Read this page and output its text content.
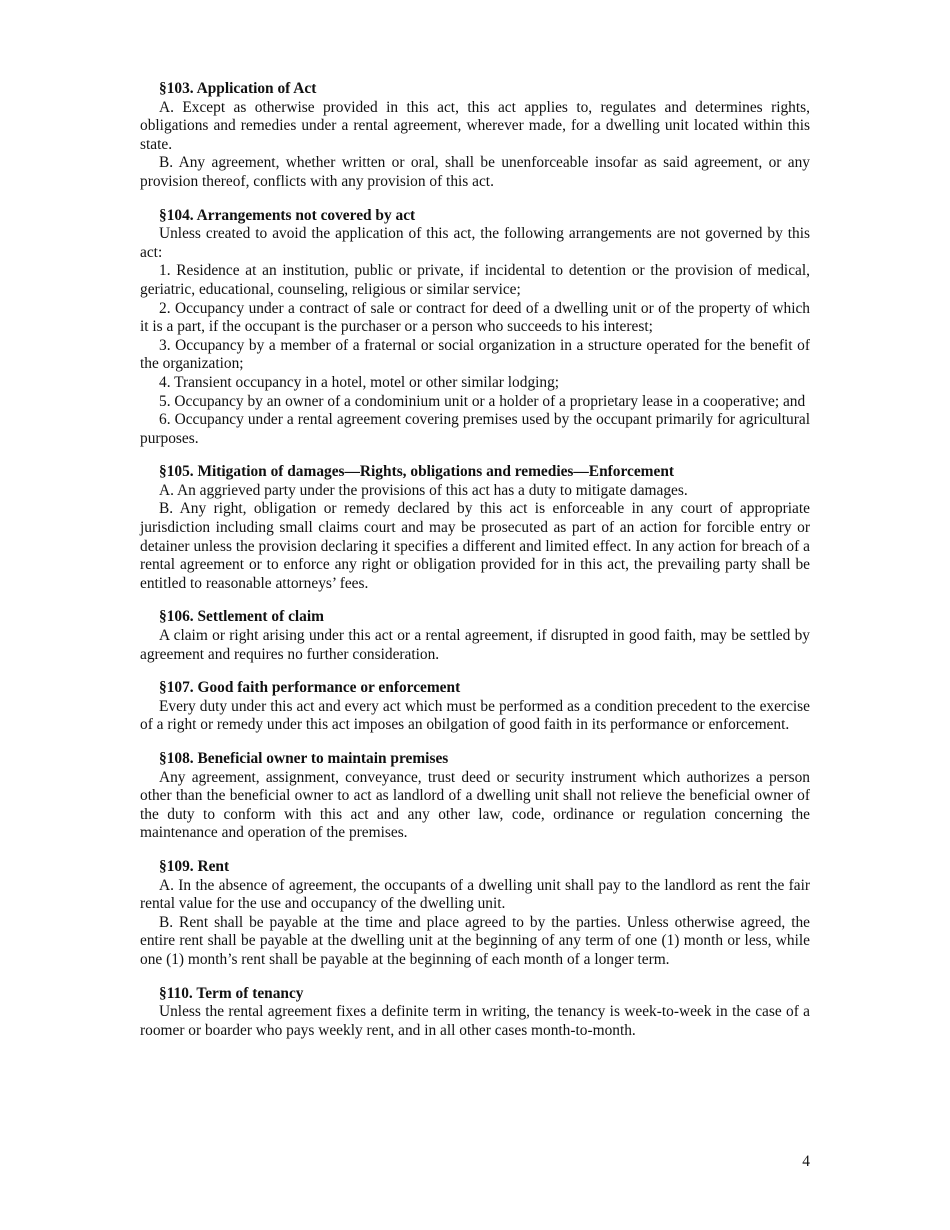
§103. Application of Act

A. Except as otherwise provided in this act, this act applies to, regulates and determines rights, obligations and remedies under a rental agreement, wherever made, for a dwelling unit located within this state.

B. Any agreement, whether written or oral, shall be unenforceable insofar as said agreement, or any provision thereof, conflicts with any provision of this act.

§104. Arrangements not covered by act

Unless created to avoid the application of this act, the following arrangements are not governed by this act:

1. Residence at an institution, public or private, if incidental to detention or the provision of medical, geriatric, educational, counseling, religious or similar service;

2. Occupancy under a contract of sale or contract for deed of a dwelling unit or of the property of which it is a part, if the occupant is the purchaser or a person who succeeds to his interest;

3. Occupancy by a member of a fraternal or social organization in a structure operated for the benefit of the organization;

4. Transient occupancy in a hotel, motel or other similar lodging;

5. Occupancy by an owner of a condominium unit or a holder of a proprietary lease in a cooperative; and

6. Occupancy under a rental agreement covering premises used by the occupant primarily for agricultural purposes.

§105. Mitigation of damages—Rights, obligations and remedies—Enforcement

A. An aggrieved party under the provisions of this act has a duty to mitigate damages.

B. Any right, obligation or remedy declared by this act is enforceable in any court of appropriate jurisdiction including small claims court and may be prosecuted as part of an action for forcible entry or detainer unless the provision declaring it specifies a different and limited effect. In any action for breach of a rental agreement or to enforce any right or obligation provided for in this act, the prevailing party shall be entitled to reasonable attorneys’ fees.

§106. Settlement of claim

A claim or right arising under this act or a rental agreement, if disrupted in good faith, may be settled by agreement and requires no further consideration.

§107. Good faith performance or enforcement

Every duty under this act and every act which must be performed as a condition precedent to the exercise of a right or remedy under this act imposes an obilgation of good faith in its performance or enforcement.

§108. Beneficial owner to maintain premises

Any agreement, assignment, conveyance, trust deed or security instrument which authorizes a person other than the beneficial owner to act as landlord of a dwelling unit shall not relieve the beneficial owner of the duty to conform with this act and any other law, code, ordinance or regulation concerning the maintenance and operation of the premises.

§109. Rent

A. In the absence of agreement, the occupants of a dwelling unit shall pay to the landlord as rent the fair rental value for the use and occupancy of the dwelling unit.

B. Rent shall be payable at the time and place agreed to by the parties. Unless otherwise agreed, the entire rent shall be payable at the dwelling unit at the beginning of any term of one (1) month or less, while one (1) month’s rent shall be payable at the beginning of each month of a longer term.

§110. Term of tenancy

Unless the rental agreement fixes a definite term in writing, the tenancy is week-to-week in the case of a roomer or boarder who pays weekly rent, and in all other cases month-to-month.

4
